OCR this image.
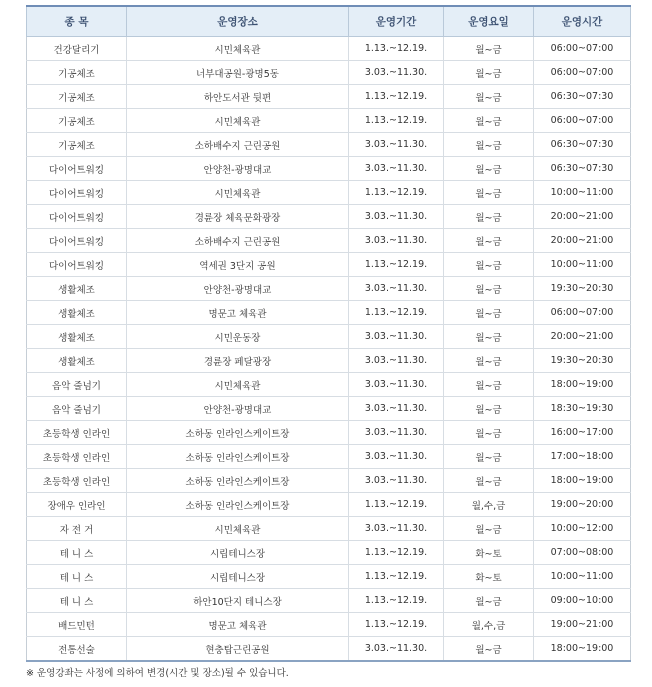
종 목	운영장소	운영기간	운영요일	운영시간
건강달리기	시민체육관	1.13.~12.19.	월~금	06:00~07:00
기공체조	너부대공원-광명5동	3.03.~11.30.	월~금	06:00~07:00
기공체조	하안도서관 뒷편	1.13.~12.19.	월~금	06:30~07:30
기공체조	시민체육관	1.13.~12.19.	월~금	06:00~07:00
기공체조	소하배수지 근린공원	3.03.~11.30.	월~금	06:30~07:30
다이어트워킹	안양천-광명대교	3.03.~11.30.	월~금	06:30~07:30
다이어트워킹	시민체육관	1.13.~12.19.	월~금	10:00~11:00
다이어트워킹	경륜장 체육문화광장	3.03.~11.30.	월~금	20:00~21:00
다이어트워킹	소하배수지 근린공원	3.03.~11.30.	월~금	20:00~21:00
다이어트워킹	역세권 3단지 공원	1.13.~12.19.	월~금	10:00~11:00
생활체조	안양천-광명대교	3.03.~11.30.	월~금	19:30~20:30
생활체조	명문고 체육관	1.13.~12.19.	월~금	06:00~07:00
생활체조	시민운동장	3.03.~11.30.	월~금	20:00~21:00
생활체조	경륜장 페달광장	3.03.~11.30.	월~금	19:30~20:30
음악 줄넘기	시민체육관	3.03.~11.30.	월~금	18:00~19:00
음악 줄넘기	안양천-광명대교	3.03.~11.30.	월~금	18:30~19:30
초등학생 인라인	소하동 인라인스케이트장	3.03.~11.30.	월~금	16:00~17:00
초등학생 인라인	소하동 인라인스케이트장	3.03.~11.30.	월~금	17:00~18:00
초등학생 인라인	소하동 인라인스케이트장	3.03.~11.30.	월~금	18:00~19:00
장애우 인라인	소하동 인라인스케이트장	1.13.~12.19.	월,수,금	19:00~20:00
자 전 거	시민체육관	3.03.~11.30.	월~금	10:00~12:00
테 니 스	시립테니스장	1.13.~12.19.	화~토	07:00~08:00
테 니 스	시립테니스장	1.13.~12.19.	화~토	10:00~11:00
테 니 스	하안10단지 테니스장	1.13.~12.19.	월~금	09:00~10:00
배드민턴	명문고 체육관	1.13.~12.19.	월,수,금	19:00~21:00
전통선술	현충탑근린공원	3.03.~11.30.	월~금	18:00~19:00
※ 운영강좌는 사정에 의하여 변경(시간 및 장소)될 수 있습니다.
